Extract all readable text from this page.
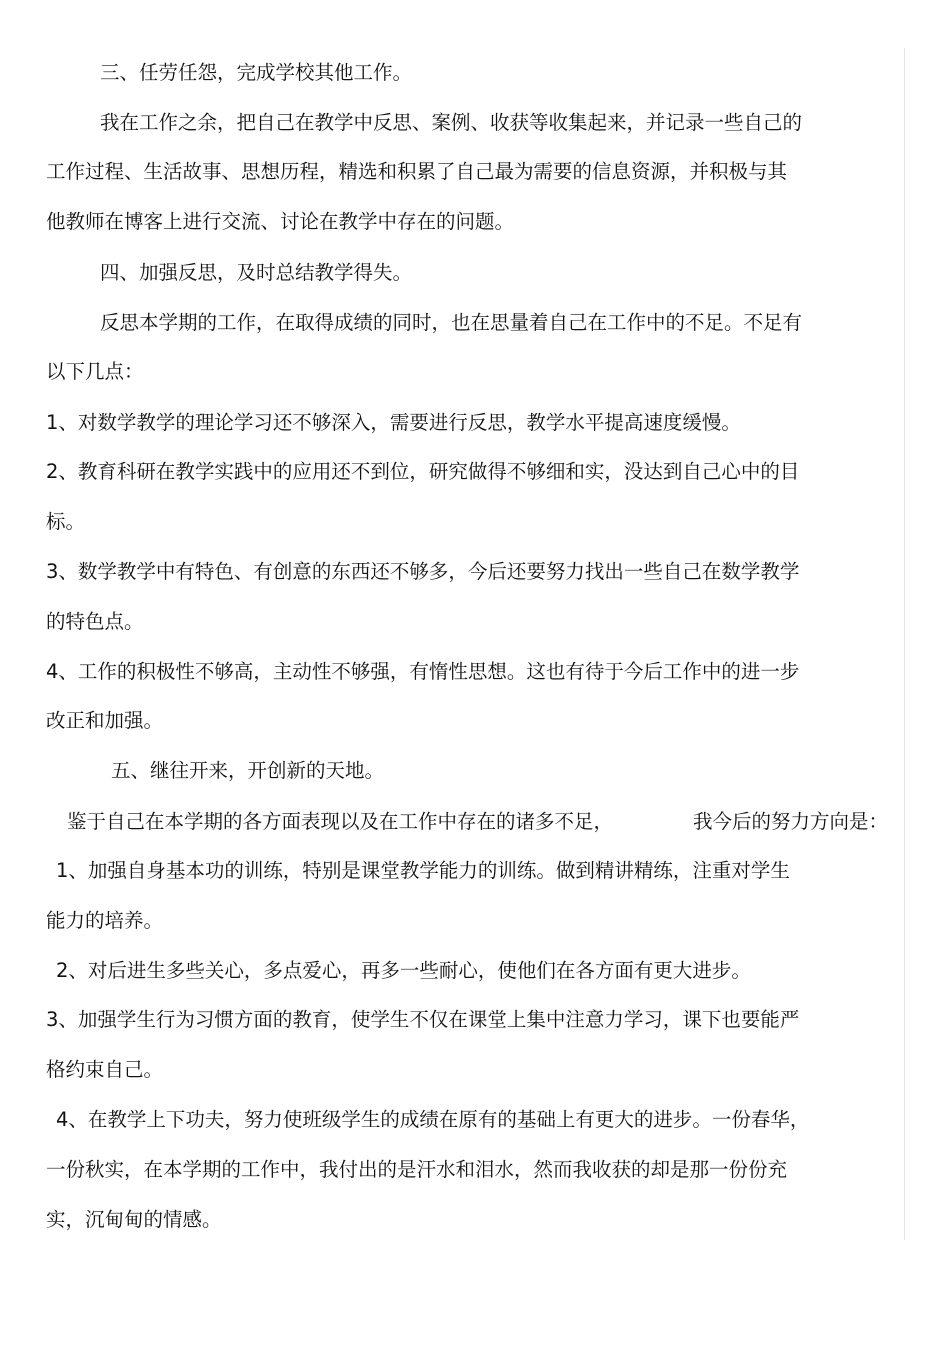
三、任劳任怨，完成学校其他工作。
我在工作之余，把自己在教学中反思、案例、收获等收集起来，并记录一些自己的
工作过程、生活故事、思想历程，精选和积累了自己最为需要的信息资源，并积极与其
他教师在博客上进行交流、讨论在教学中存在的问题。
四、加强反思，及时总结教学得失。
反思本学期的工作，在取得成绩的同时，也在思量着自己在工作中的不足。不足有
以下几点：
1、对数学教学的理论学习还不够深入，需要进行反思，教学水平提高速度缓慢。
2、教育科研在教学实践中的应用还不到位，研究做得不够细和实，没达到自己心中的目
标。
3、数学教学中有特色、有创意的东西还不够多，今后还要努力找出一些自己在数学教学
的特色点。
4、工作的积极性不够高，主动性不够强，有惰性思想。这也有待于今后工作中的进一步
改正和加强。
五、继往开来，开创新的天地。
鉴于自己在本学期的各方面表现以及在工作中存在的诸多不足，	我今后的努力方向是：
1、加强自身基本功的训练，特别是课堂教学能力的训练。做到精讲精练，注重对学生
能力的培养。
2、对后进生多些关心，多点爱心，再多一些耐心，使他们在各方面有更大进步。
3、加强学生行为习惯方面的教育，使学生不仅在课堂上集中注意力学习，课下也要能严
格约束自己。
4、在教学上下功夫，努力使班级学生的成绩在原有的基础上有更大的进步。一份春华，
一份秋实，在本学期的工作中，我付出的是汗水和泪水，然而我收获的却是那一份份充
实，沉甸甸的情感。
